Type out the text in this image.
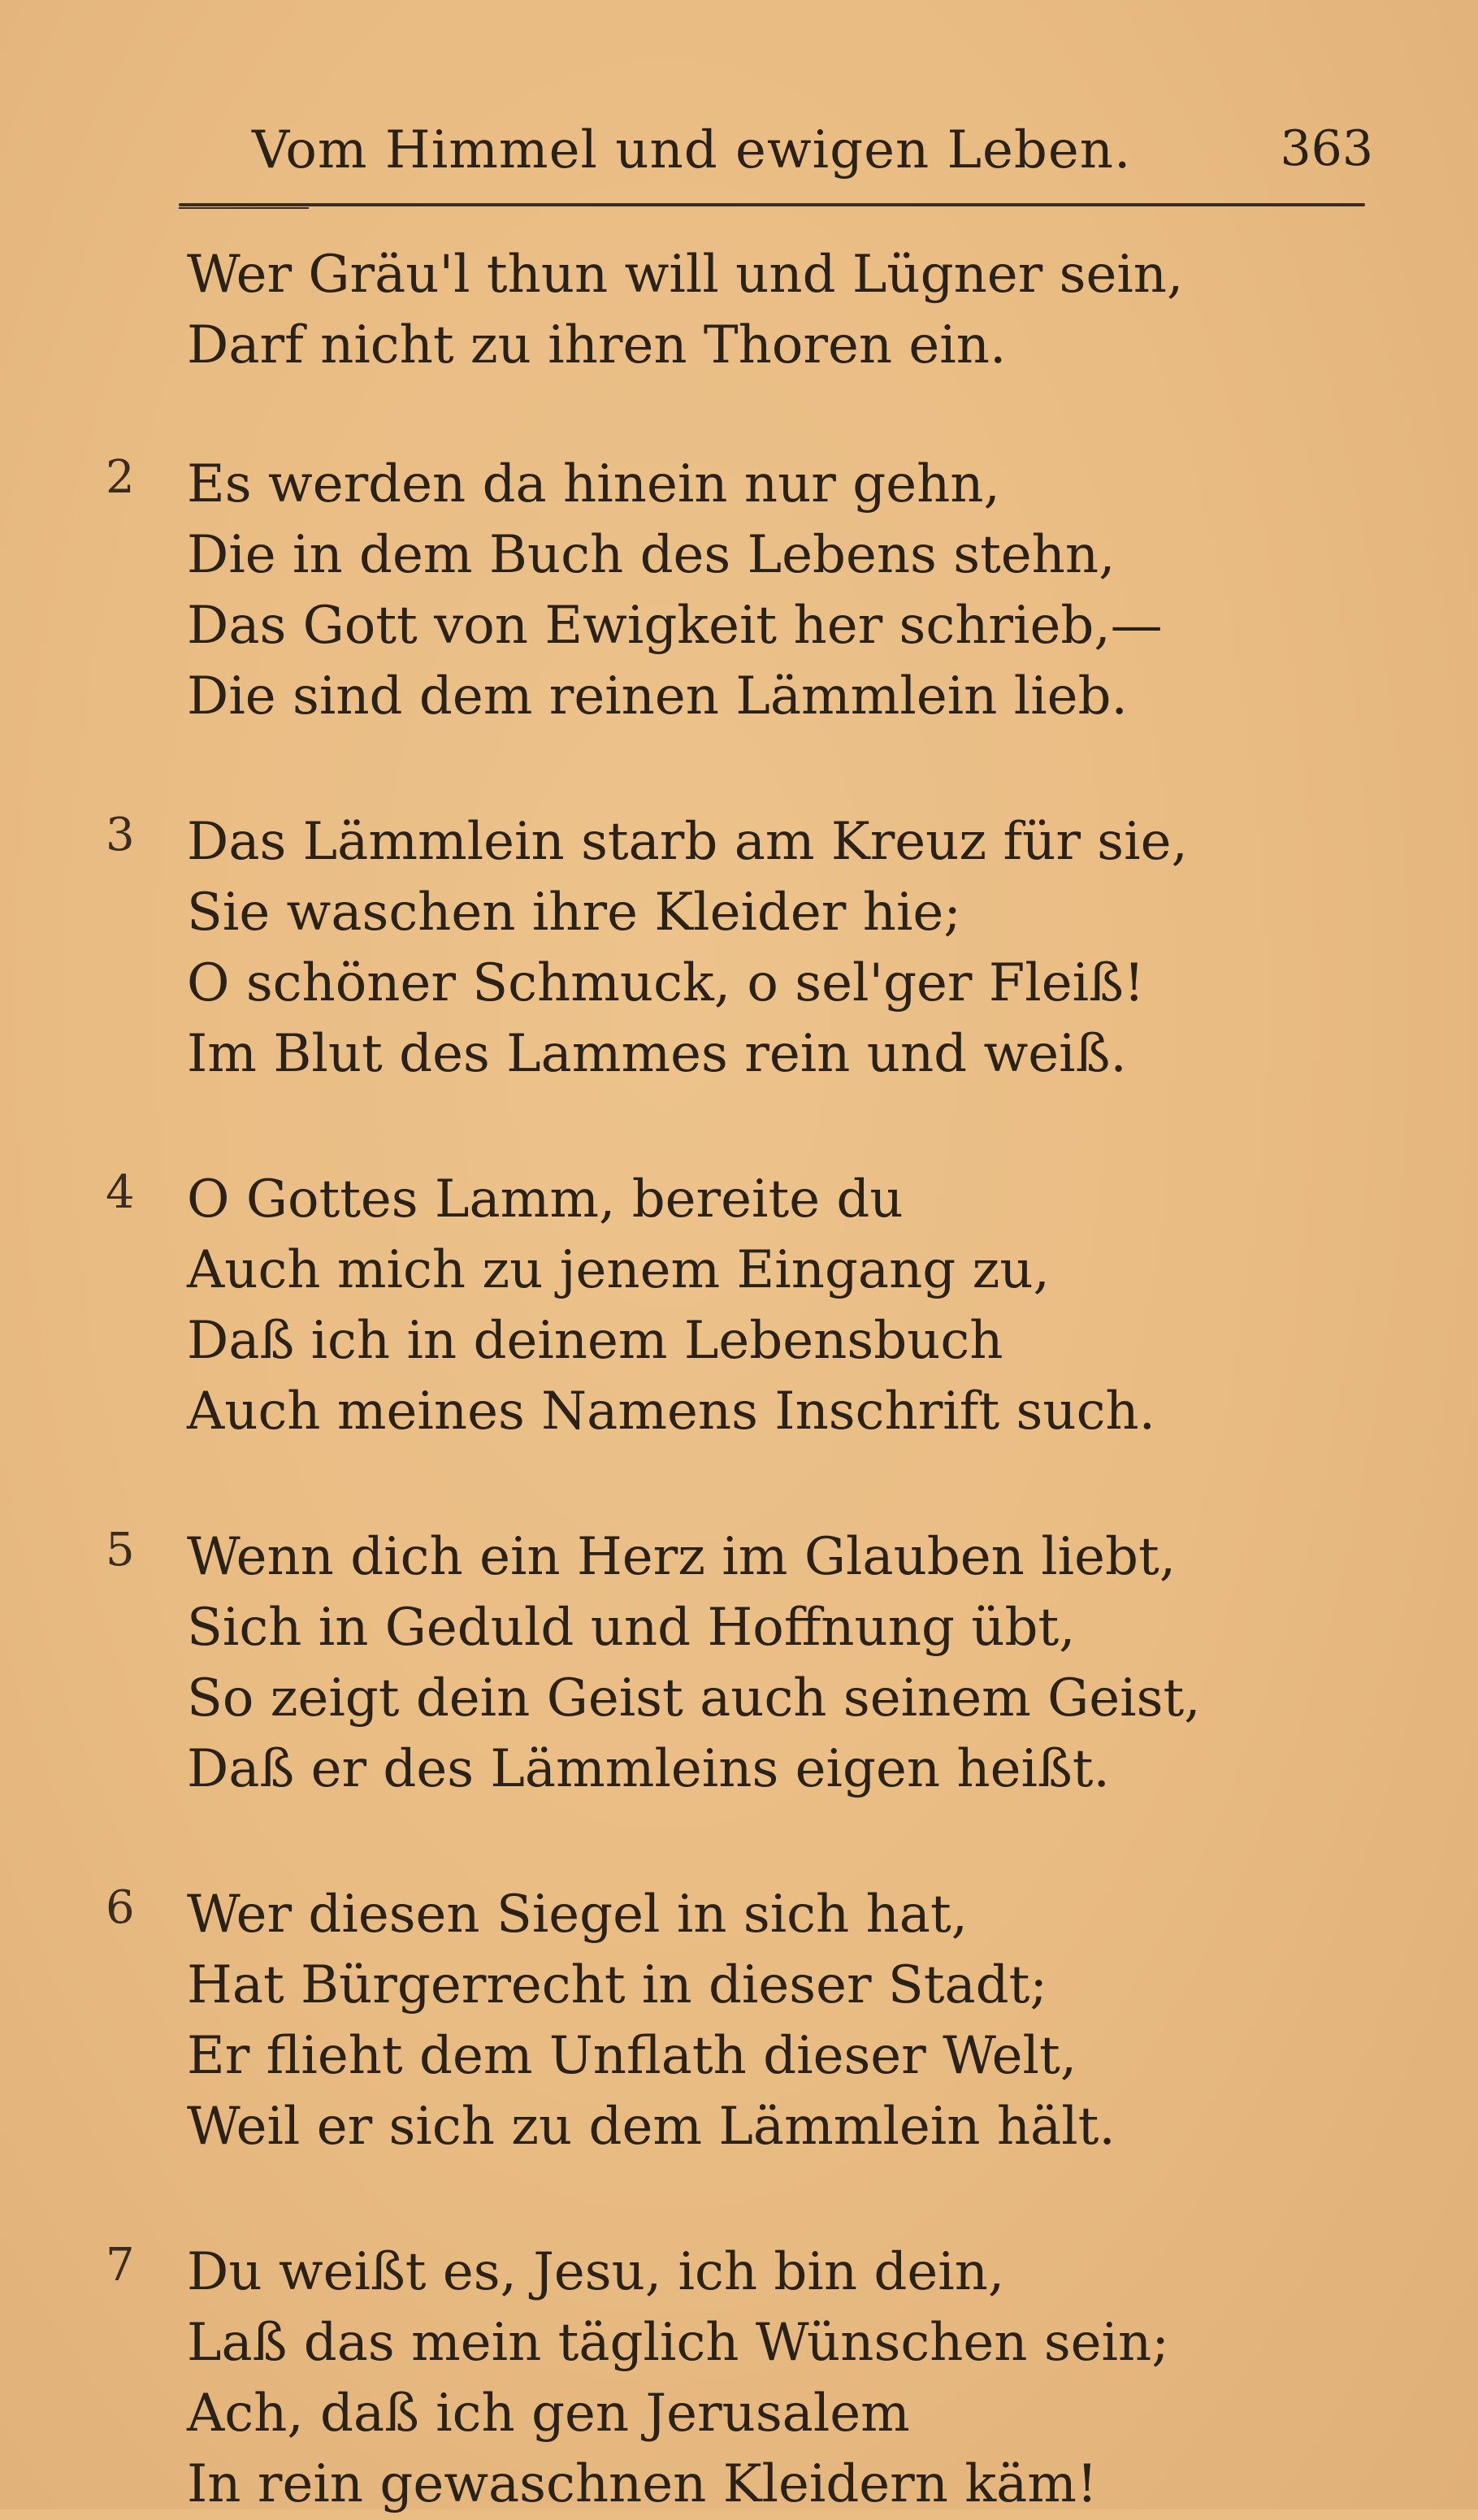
Vom Himmel und ewigen Leben.	363
Wer Gräu'l thun will und Lügner sein,
Darf nicht zu ihren Thoren ein.
2	Es werden da hinein nur gehn,
Die in dem Buch des Lebens stehn,
Das Gott von Ewigkeit her schrieb,—
Die sind dem reinen Lämmlein lieb.
3	Das Lämmlein starb am Kreuz für sie,
Sie waschen ihre Kleider hie;
O schöner Schmuck, o sel'ger Fleiß!
Im Blut des Lammes rein und weiß.
4	O Gottes Lamm, bereite du
Auch mich zu jenem Eingang zu,
Daß ich in deinem Lebensbuch
Auch meines Namens Inschrift such.
5	Wenn dich ein Herz im Glauben liebt,
Sich in Geduld und Hoffnung übt,
So zeigt dein Geist auch seinem Geist,
Daß er des Lämmleins eigen heißt.
6	Wer diesen Siegel in sich hat,
Hat Bürgerrecht in dieser Stadt;
Er flieht dem Unflath dieser Welt,
Weil er sich zu dem Lämmlein hält.
7	Du weißt es, Jesu, ich bin dein,
Laß das mein täglich Wünschen sein;
Ach, daß ich gen Jerusalem
In rein gewaschnen Kleidern käm!
